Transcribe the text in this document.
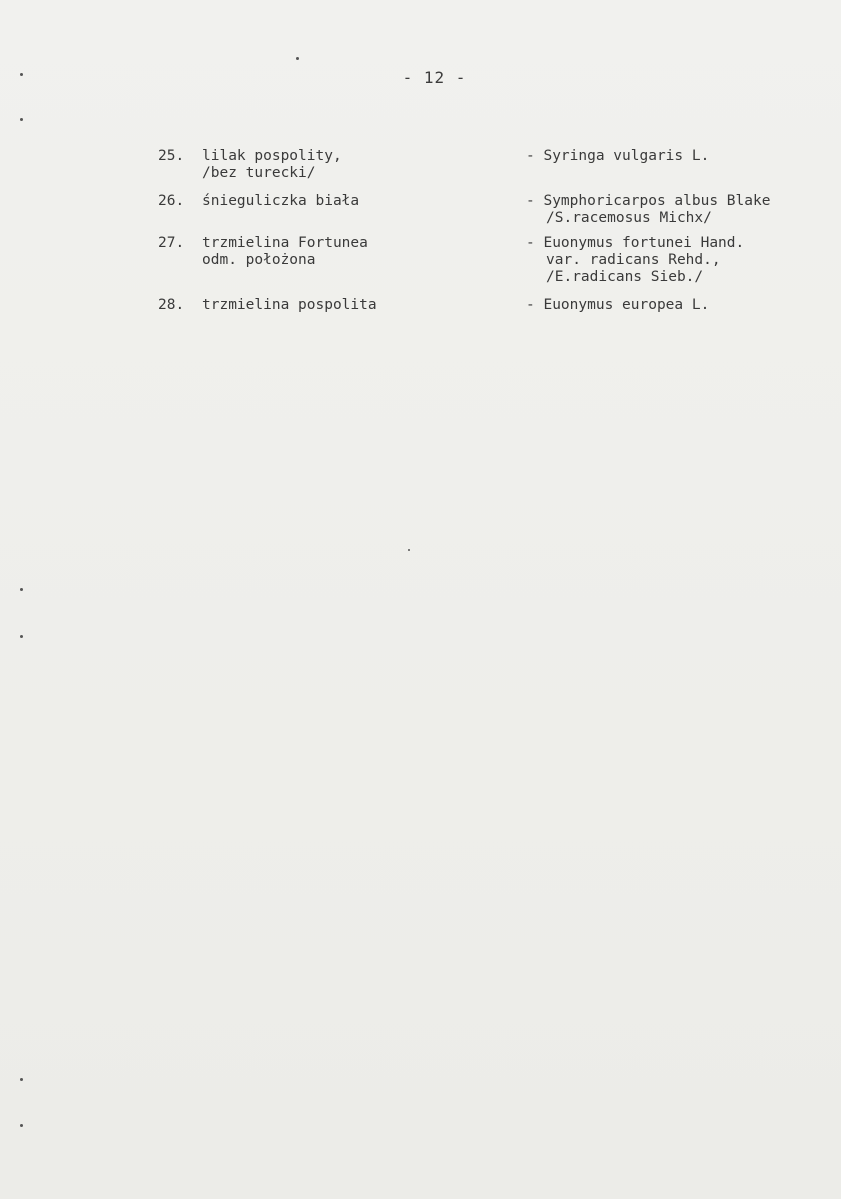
- 12 -
25. lilak pospolity,
/bez turecki/
- Syringa vulgaris L.
26. śnieguliczka biała	- Symphoricarpos albus Blake
/S.racemosus Michx/
27. trzmielina Fortunea
odm. położona
- Euonymus fortunei Hand.
var. radicans Rehd.,
/E.radicans Sieb./
28. trzmielina pospolita	- Euonymus europea L.
